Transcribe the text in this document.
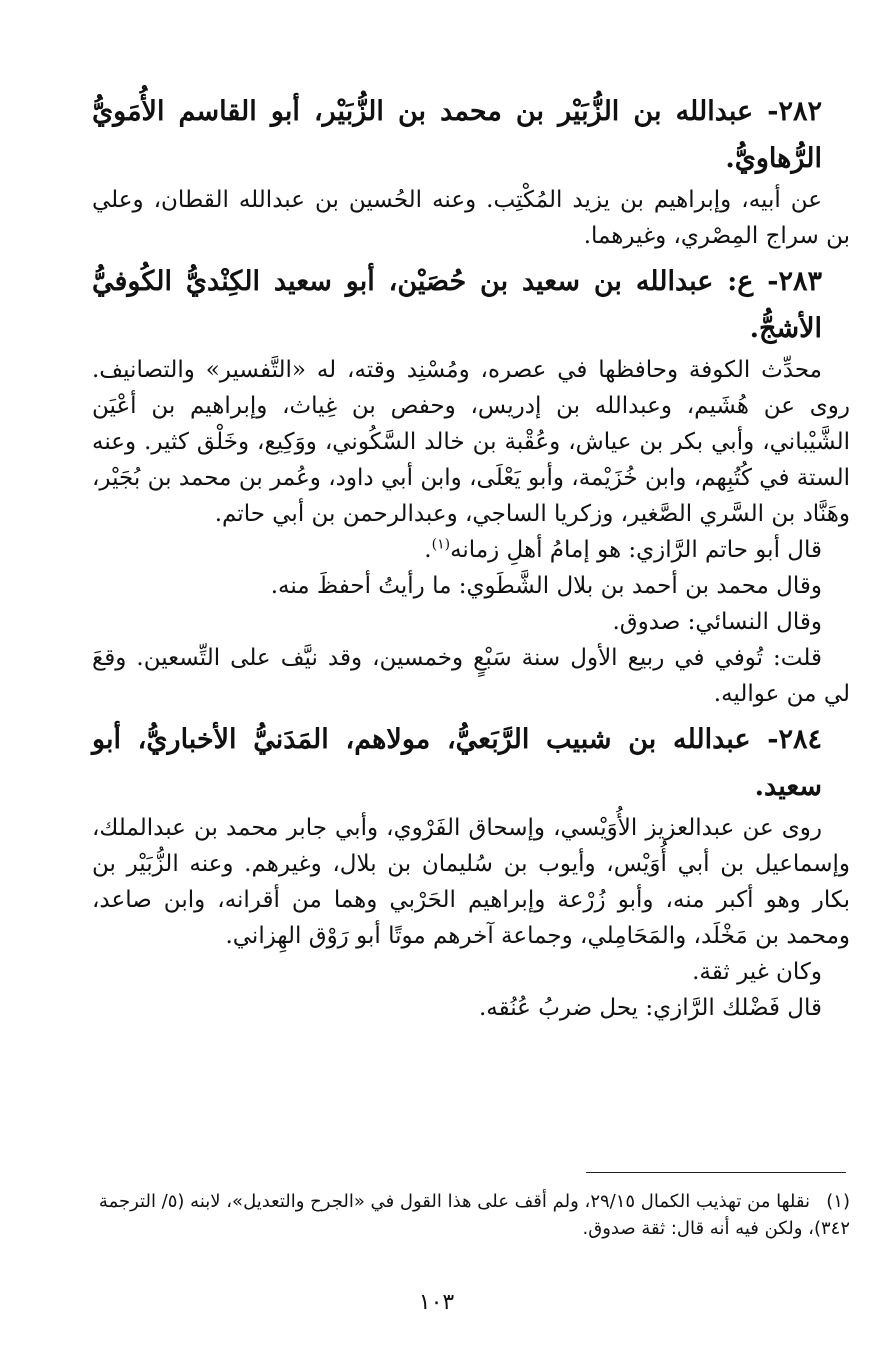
٢٨٢- عبدالله بن الزُّبَيْر بن محمد بن الزُّبَيْر، أبو القاسم الأُمَويُّ الرُّهاويُّ.

عن أبيه، وإبراهيم بن يزيد المُكْتِب. وعنه الحُسين بن عبدالله القطان، وعلي بن سراج المِصْري، وغيرهما.

٢٨٣- ع: عبدالله بن سعيد بن حُصَيْن، أبو سعيد الكِنْديُّ الكُوفيُّ الأشجُّ.

محدِّث الكوفة وحافظها في عصره، ومُسْنِد وقته، له «التَّفسير» والتصانيف. روى عن هُشَيم، وعبدالله بن إدريس، وحفص بن غِياث، وإبراهيم بن أعْيَن الشَّيْباني، وأبي بكر بن عياش، وعُقْبة بن خالد السَّكُوني، ووَكِيع، وخَلْق كثير. وعنه الستة في كُتُبِهم، وابن خُزَيْمة، وأبو يَعْلَى، وابن أبي داود، وعُمر بن محمد بن بُجَيْر، وهَنَّاد بن السَّري الصَّغير، وزكريا الساجي، وعبدالرحمن بن أبي حاتم.

قال أبو حاتم الرَّازي: هو إمامُ أهلِ زمانه$^{(١)}$.

وقال محمد بن أحمد بن بلال الشَّطَوي: ما رأيتُ أحفظَ منه.

وقال النسائي: صدوق.

قلت: تُوفي في ربيع الأول سنة سَبْعٍ وخمسين، وقد نيَّف على التِّسعين. وقعَ لي من عواليه.

٢٨٤- عبدالله بن شبيب الرَّبَعيُّ، مولاهم، المَدَنيُّ الأخباريُّ، أبو سعيد.

روى عن عبدالعزيز الأُوَيْسي، وإسحاق الفَرْوي، وأبي جابر محمد بن عبدالملك، وإسماعيل بن أبي أُوَيْس، وأيوب بن سُليمان بن بلال، وغيرهم. وعنه الزُّبَيْر بن بكار وهو أكبر منه، وأبو زُرْعة وإبراهيم الحَرْبي وهما من أقرانه، وابن صاعد، ومحمد بن مَخْلَد، والمَحَامِلي، وجماعة آخرهم موتًا أبو رَوْق الهِزاني.

وكان غير ثقة.

قال فَضْلك الرَّازي: يحل ضربُ عُنُقه.

(١)نقلها من تهذيب الكمال ٢٩/١٥، ولم أقف على هذا القول في «الجرح والتعديل»، لابنه (٥/ الترجمة ٣٤٢)، ولكن فيه أنه قال: ثقة صدوق.
١٠٣
